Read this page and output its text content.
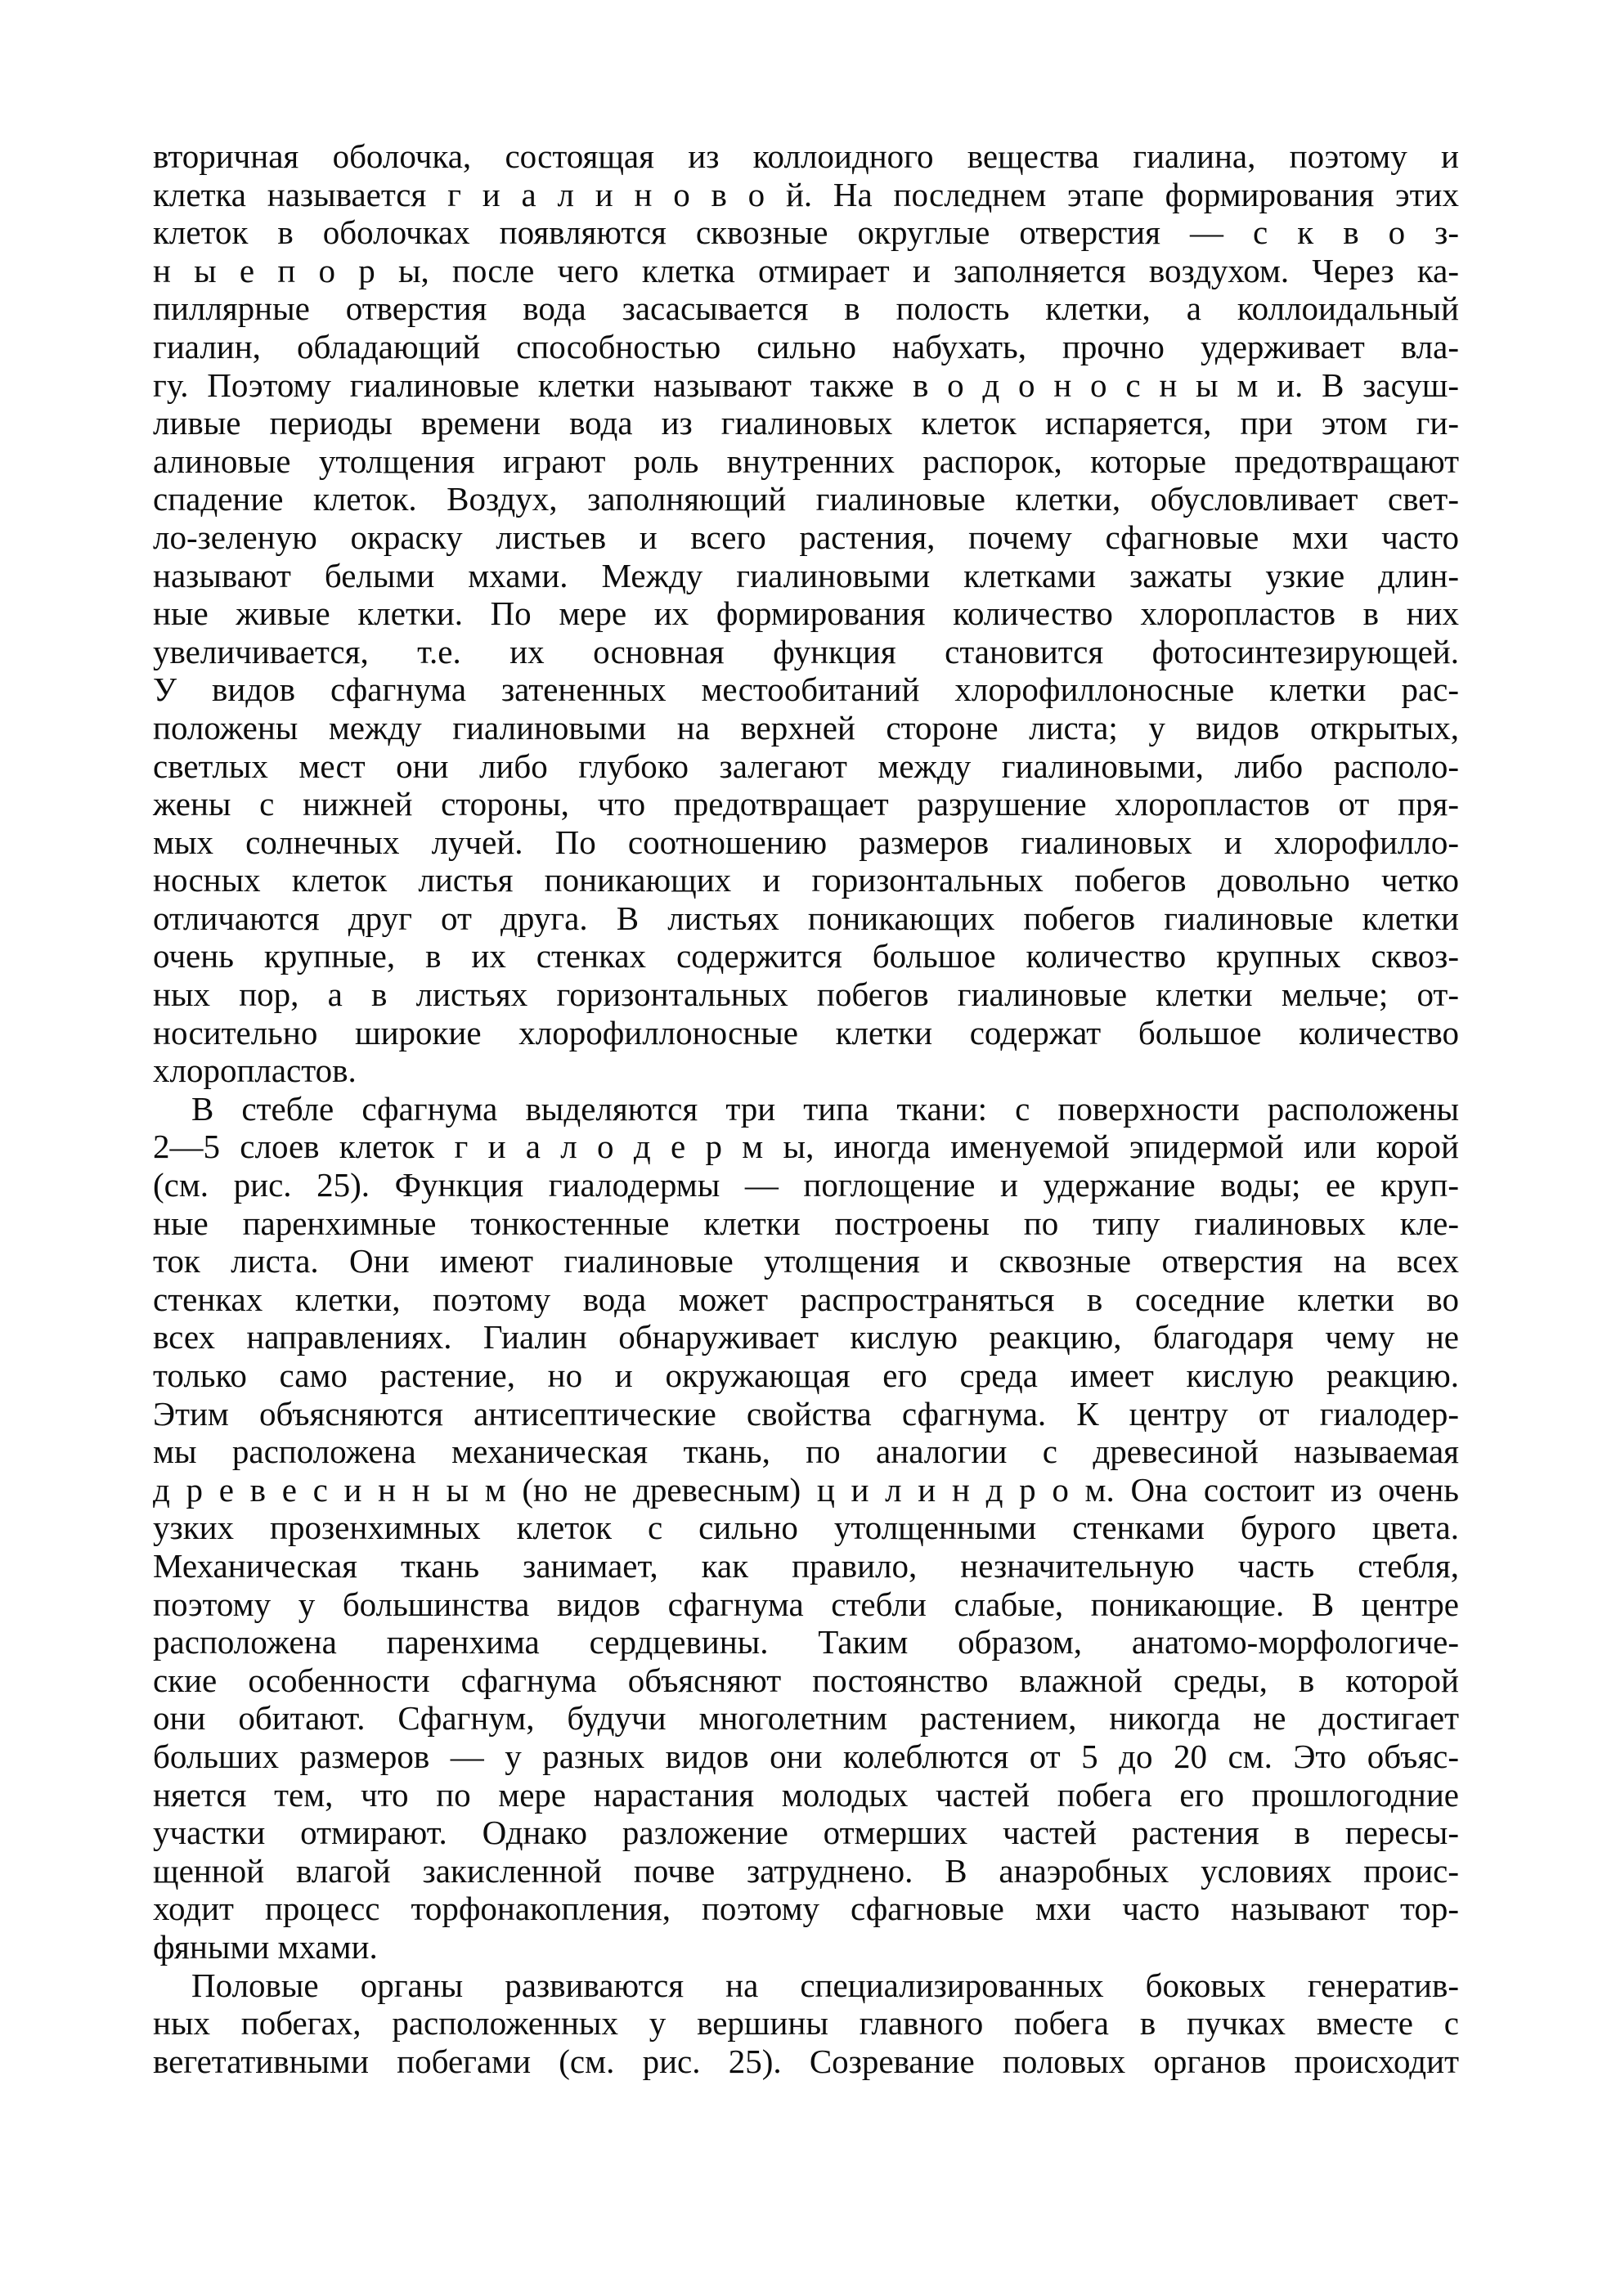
вторичная оболочка, состоящая из коллоидного вещества гиалина, поэтому и
клетка называется г и а л и н о в о й. На последнем этапе формирования этих
клеток в оболочках появляются сквозные округлые отверстия — с к в о з-
н ы е п о р ы, после чего клетка отмирает и заполняется воздухом. Через ка-
пиллярные отверстия вода засасывается в полость клетки, а коллоидальный
гиалин, обладающий способностью сильно набухать, прочно удерживает вла-
гу. Поэтому гиалиновые клетки называют также в о д о н о с н ы м и. В засуш-
ливые периоды времени вода из гиалиновых клеток испаряется, при этом ги-
алиновые утолщения играют роль внутренних распорок, которые предотвращают
спадение клеток. Воздух, заполняющий гиалиновые клетки, обусловливает свет-
ло-зеленую окраску листьев и всего растения, почему сфагновые мхи часто
называют белыми мхами. Между гиалиновыми клетками зажаты узкие длин-
ные живые клетки. По мере их формирования количество хлоропластов в них
увеличивается, т.е. их основная функция становится фотосинтезирующей.
У видов сфагнума затененных местообитаний хлорофиллоносные клетки рас-
положены между гиалиновыми на верхней стороне листа; у видов открытых,
светлых мест они либо глубоко залегают между гиалиновыми, либо располо-
жены с нижней стороны, что предотвращает разрушение хлоропластов от пря-
мых солнечных лучей. По соотношению размеров гиалиновых и хлорофилло-
носных клеток листья поникающих и горизонтальных побегов довольно четко
отличаются друг от друга. В листьях поникающих побегов гиалиновые клетки
очень крупные, в их стенках содержится большое количество крупных сквоз-
ных пор, а в листьях горизонтальных побегов гиалиновые клетки мельче; от-
носительно широкие хлорофиллоносные клетки содержат большое количество
хлоропластов.

В стебле сфагнума выделяются три типа ткани: с поверхности расположены
2—5 слоев клеток г и а л о д е р м ы, иногда именуемой эпидермой или корой
(см. рис. 25). Функция гиалодермы — поглощение и удержание воды; ее круп-
ные паренхимные тонкостенные клетки построены по типу гиалиновых кле-
ток листа. Они имеют гиалиновые утолщения и сквозные отверстия на всех
стенках клетки, поэтому вода может распространяться в соседние клетки во
всех направлениях. Гиалин обнаруживает кислую реакцию, благодаря чему не
только само растение, но и окружающая его среда имеет кислую реакцию.
Этим объясняются антисептические свойства сфагнума. К центру от гиалодер-
мы расположена механическая ткань, по аналогии с древесиной называемая
д р е в е с и н н ы м (но не древесным) ц и л и н д р о м. Она состоит из очень
узких прозенхимных клеток с сильно утолщенными стенками бурого цвета.
Механическая ткань занимает, как правило, незначительную часть стебля,
поэтому у большинства видов сфагнума стебли слабые, поникающие. В центре
расположена паренхима сердцевины. Таким образом, анатомо-морфологиче-
ские особенности сфагнума объясняют постоянство влажной среды, в которой
они обитают. Сфагнум, будучи многолетним растением, никогда не достигает
больших размеров — у разных видов они колеблются от 5 до 20 см. Это объяс-
няется тем, что по мере нарастания молодых частей побега его прошлогодние
участки отмирают. Однако разложение отмерших частей растения в пересы-
щенной влагой закисленной почве затруднено. В анаэробных условиях проис-
ходит процесс торфонакопления, поэтому сфагновые мхи часто называют тор-
фяными мхами.

Половые органы развиваются на специализированных боковых генератив-
ных побегах, расположенных у вершины главного побега в пучках вместе с
вегетативными побегами (см. рис. 25). Созревание половых органов происходит
